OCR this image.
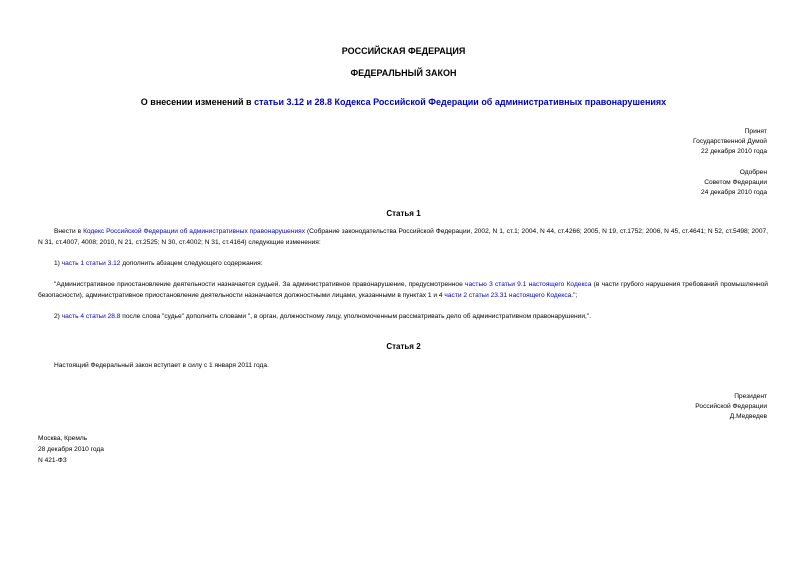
РОССИЙСКАЯ ФЕДЕРАЦИЯ
ФЕДЕРАЛЬНЫЙ ЗАКОН
О внесении изменений в статьи 3.12 и 28.8 Кодекса Российской Федерации об административных правонарушениях
Принят
Государственной Думой
22 декабря 2010 года
Одобрен
Советом Федерации
24 декабря 2010 года
Статья 1
Внести в Кодекс Российской Федерации об административных правонарушениях (Собрание законодательства Российской Федерации, 2002, N 1, ст.1; 2004, N 44, ст.4266; 2005, N 19, ст.1752; 2006, N 45, ст.4641; N 52, ст.5498; 2007, N 31, ст.4007, 4008; 2010, N 21, ст.2525; N 30, ст.4002; N 31, ст.4164) следующие изменения:
1) часть 1 статьи 3.12 дополнить абзацем следующего содержания:
"Административное приостановление деятельности назначается судьей. За административное правонарушение, предусмотренное частью 3 статьи 9.1 настоящего Кодекса (в части грубого нарушения требований промышленной безопасности), административное приостановление деятельности назначается должностными лицами, указанными в пунктах 1 и 4 части 2 статьи 23.31 настоящего Кодекса.";
2) часть 4 статьи 28.8 после слова "судье" дополнить словами ", в орган, должностному лицу, уполномоченным рассматривать дело об административном правонарушении,".
Статья 2
Настоящий Федеральный закон вступает в силу с 1 января 2011 года.
Президент
Российской Федерации
Д.Медведев
Москва, Кремль
28 декабря 2010 года
N 421-ФЗ
